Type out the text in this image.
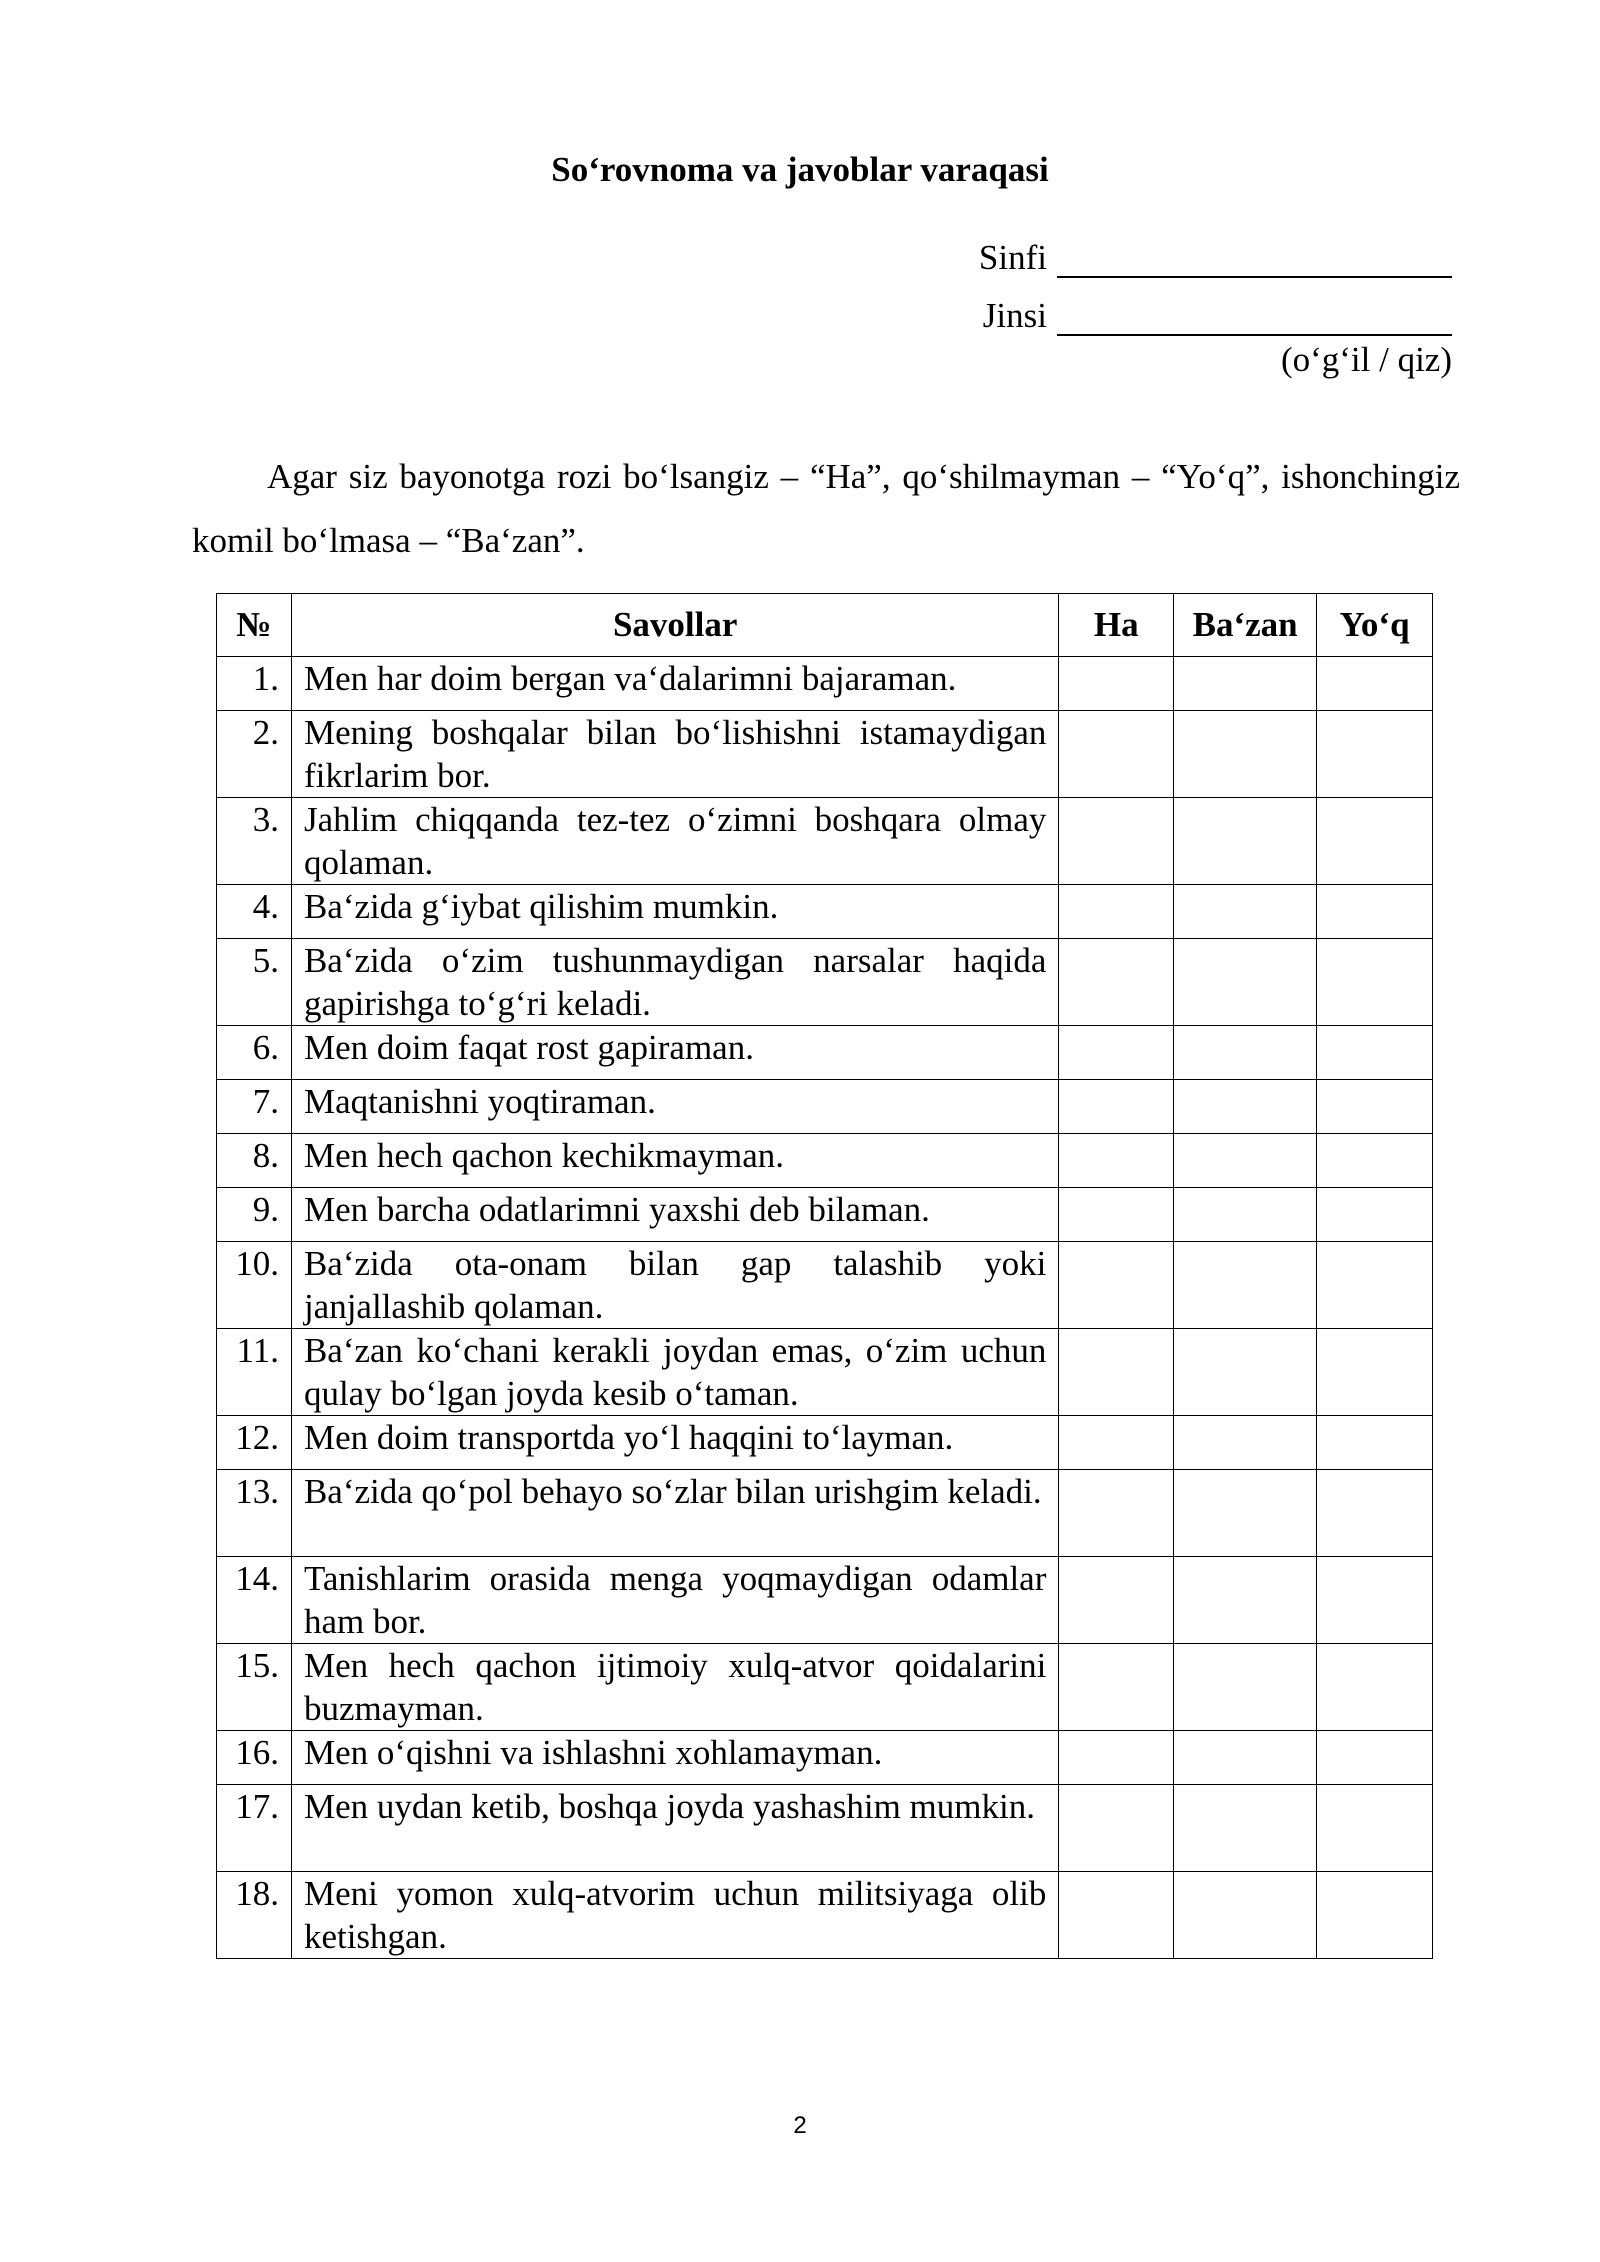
So‘rovnoma va javoblar varaqasi
Sinfi
Jinsi
(o‘g‘il / qiz)
Agar siz bayonotga rozi bo‘lsangiz – “Ha”, qo‘shilmayman – “Yo‘q”, ishonchingiz komil bo‘lmasa – “Ba‘zan”.
№	Savollar	Ha	Ba‘zan	Yo‘q
1.	Men har doim bergan va‘dalarimni bajaraman.			
2.	Mening boshqalar bilan bo‘lishishni istamaydigan fikrlarim bor.			
3.	Jahlim chiqqanda tez-tez o‘zimni boshqara olmay qolaman.			
4.	Ba‘zida g‘iybat qilishim mumkin.			
5.	Ba‘zida o‘zim tushunmaydigan narsalar haqida gapirishga to‘g‘ri keladi.			
6.	Men doim faqat rost gapiraman.			
7.	Maqtanishni yoqtiraman.			
8.	Men hech qachon kechikmayman.			
9.	Men barcha odatlarimni yaxshi deb bilaman.			
10.	Ba‘zida ota-onam bilan gap talashib yoki janjallashib qolaman.			
11.	Ba‘zan ko‘chani kerakli joydan emas, o‘zim uchun qulay bo‘lgan joyda kesib o‘taman.			
12.	Men doim transportda yo‘l haqqini to‘layman.			
13.	Ba‘zida qo‘pol behayo so‘zlar bilan urishgim keladi.			
14.	Tanishlarim orasida menga yoqmaydigan odamlar ham bor.			
15.	Men hech qachon ijtimoiy xulq-atvor qoidalarini buzmayman.			
16.	Men o‘qishni va ishlashni xohlamayman.			
17.	Men uydan ketib, boshqa joyda yashashim mumkin.			
18.	Meni yomon xulq-atvorim uchun militsiyaga olib ketishgan.			
2
